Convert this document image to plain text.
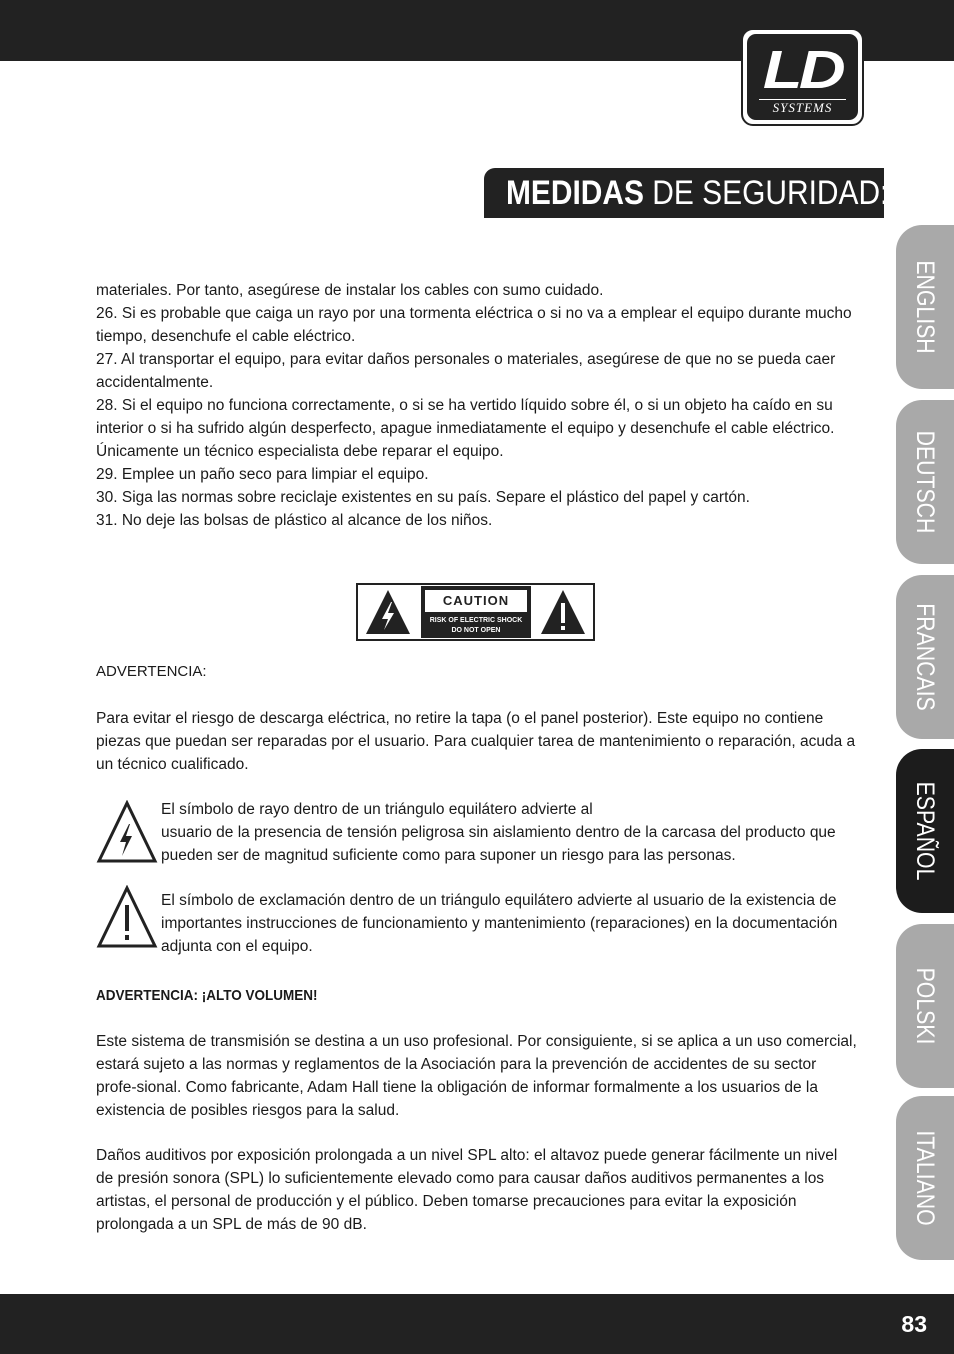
LD
SYSTEMS
MEDIDAS DE SEGURIDAD:
ENGLISH
DEUTSCH
FRANCAIS
ESPAÑOL
POLSKI
ITALIANO

materiales. Por tanto, asegúrese de instalar los cables con sumo cuidado.

26. Si es probable que caiga un rayo por una tormenta eléctrica o si no va a emplear el equipo durante mucho tiempo, desenchufe el cable eléctrico.

27. Al transportar el equipo, para evitar daños personales o materiales, asegúrese de que no se pueda caer accidentalmente.

28. Si el equipo no funciona correctamente, o si se ha vertido líquido sobre él, o si un objeto ha caído en su interior o si ha sufrido algún desperfecto, apague inmediatamente el equipo y desenchufe el cable eléctrico. Únicamente un técnico especialista debe reparar el equipo.

29. Emplee un paño seco para limpiar el equipo.

30. Siga las normas sobre reciclaje existentes en su país. Separe el plástico del papel y cartón.

31. No deje las bolsas de plástico al alcance de los niños.

CAUTION
RISK OF ELECTRIC SHOCK
DO NOT OPEN
ADVERTENCIA:
Para evitar el riesgo de descarga eléctrica, no retire la tapa (o el panel posterior). Este equipo no contiene piezas que puedan ser reparadas por el usuario. Para cualquier tarea de mantenimiento o reparación, acuda a un técnico cualificado.
El símbolo de rayo dentro de un triángulo equilátero advierte al
usuario de la presencia de tensión peligrosa sin aislamiento dentro de la carcasa del producto que pueden ser de magnitud suficiente como para suponer un riesgo para las personas.
El símbolo de exclamación dentro de un triángulo equilátero advierte al usuario de la existencia de importantes instrucciones de funcionamiento y mantenimiento (reparaciones) en la documentación adjunta con el equipo.
ADVERTENCIA: ¡ALTO VOLUMEN!
Este sistema de transmisión se destina a un uso profesional. Por consiguiente, si se aplica a un uso comercial, estará sujeto a las normas y reglamentos de la Asociación para la prevención de accidentes de su sector profe-sional. Como fabricante, Adam Hall tiene la obligación de informar formalmente a los usuarios de la existencia de posibles riesgos para la salud.
Daños auditivos por exposición prolongada a un nivel SPL alto: el altavoz puede generar fácilmente un nivel de presión sonora (SPL) lo suficientemente elevado como para causar daños auditivos permanentes a los artistas, el personal de producción y el público. Deben tomarse precauciones para evitar la exposición prolongada a un SPL de más de 90 dB.
83
